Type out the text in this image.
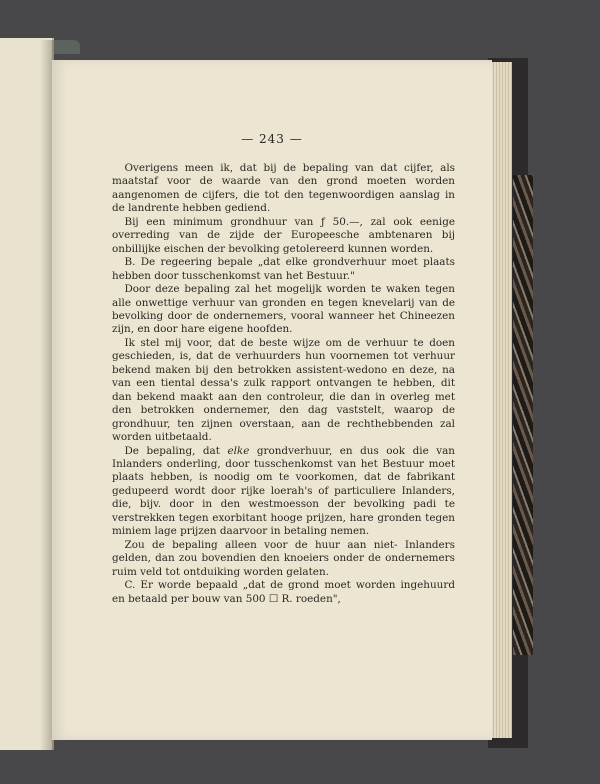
— 243 —

Overigens meen ik, dat bij de bepaling van dat cijfer, als maatstaf voor de waarde van den grond moeten worden aangenomen de cijfers, die tot den tegenwoordigen aanslag in de landrente hebben gediend.

Bij een minimum grondhuur van ƒ 50.—, zal ook eenige overreding van de zijde der Europeesche ambtenaren bij onbillijke eischen der bevolking getolereerd kunnen worden.

B. De regeering bepale „dat elke grondverhuur moet plaats hebben door tusschenkomst van het Bestuur."

Door deze bepaling zal het mogelijk worden te waken tegen alle onwettige verhuur van gronden en tegen knevelarij van de bevolking door de ondernemers, vooral wanneer het Chineezen zijn, en door hare eigene hoofden.

Ik stel mij voor, dat de beste wijze om de verhuur te doen geschieden, is, dat de verhuurders hun voornemen tot verhuur bekend maken bij den betrokken assistent-wedono en deze, na van een tiental dessa's zulk rapport ontvangen te hebben, dit dan bekend maakt aan den controleur, die dan in overleg met den betrokken ondernemer, den dag vaststelt, waarop de grondhuur, ten zijnen overstaan, aan de rechthebbenden zal worden uitbetaald.

De bepaling, dat elke grondverhuur, en dus ook die van Inlanders onderling, door tusschenkomst van het Bestuur moet plaats hebben, is noodig om te voorkomen, dat de fabrikant gedupeerd wordt door rijke loerah's of particuliere Inlanders, die, bijv. door in den westmoesson der bevolking padi te verstrekken tegen exorbitant hooge prijzen, hare gronden tegen miniem lage prijzen daarvoor in betaling nemen.

Zou de bepaling alleen voor de huur aan niet- Inlanders gelden, dan zou bovendien den knoeiers onder de ondernemers ruim veld tot ontduiking worden gelaten.

C. Er worde bepaald „dat de grond moet worden ingehuurd en betaald per bouw van 500 ☐ R. roeden",
